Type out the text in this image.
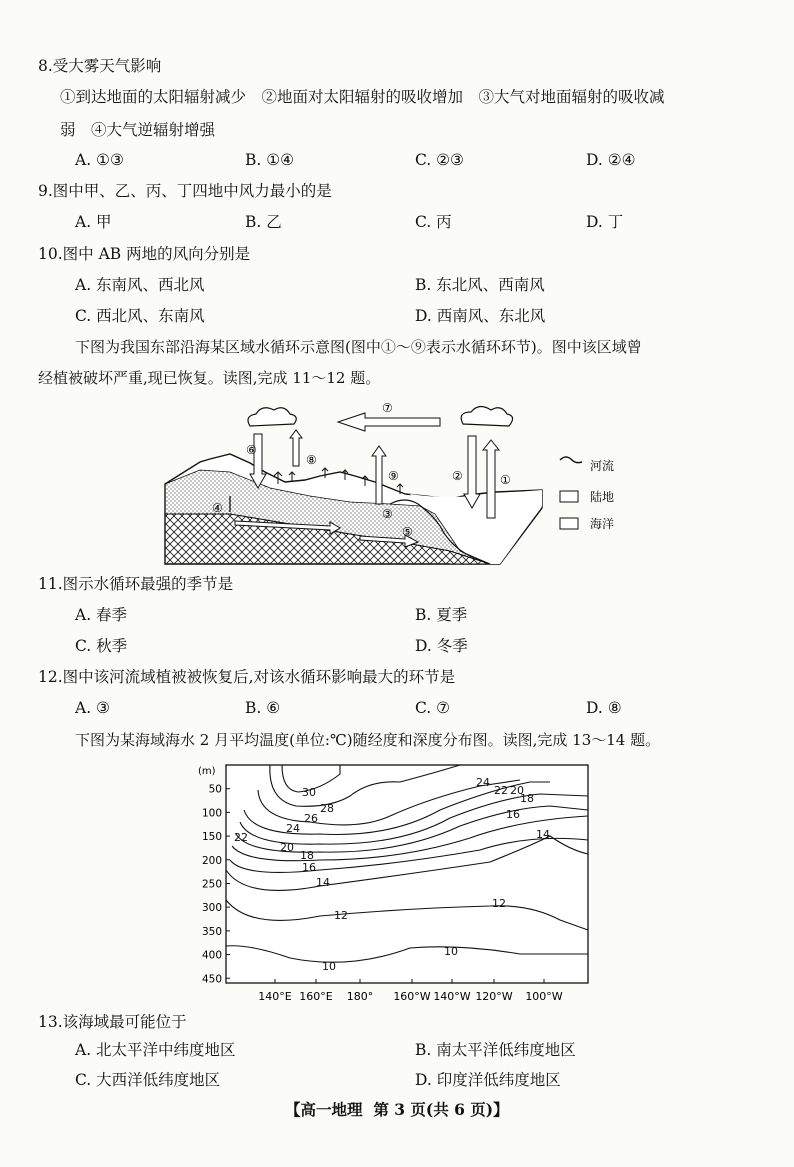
8.受大雾天气影响
①到达地面的太阳辐射减少　②地面对太阳辐射的吸收增加　③大气对地面辐射的吸收减
弱　④大气逆辐射增强
A. ①③	B. ①④	C. ②③	D. ②④
9.图中甲、乙、丙、丁四地中风力最小的是
A. 甲	B. 乙	C. 丙	D. 丁
10.图中 AB 两地的风向分别是
A. 东南风、西北风	B. 东北风、西南风
C. 西北风、东南风	D. 西南风、东北风
下图为我国东部沿海某区域水循环示意图(图中①～⑨表示水循环环节)。图中该区域曾
经植被破坏严重,现已恢复。读图,完成 11～12 题。
⑥
⑧
⑦
⑨	②	①
③
④
⑤
河流
陆地
海洋
11.图示水循环最强的季节是
A. 春季	B. 夏季
C. 秋季	D. 冬季
12.图中该河流域植被被恢复后,对该水循环影响最大的环节是
A. ③	B. ⑥	C. ⑦	D. ⑧
下图为某海域海水 2 月平均温度(单位:℃)随经度和深度分布图。读图,完成 13～14 题。
(m)
50
100
150
200
250
300
350
400
450
140°E 160°E 180° 160°W 140°W 120°W 100°W
30
28
26
24
22
20
18
16
14
12
10
24
22 20
18
16
14
12
10
13.该海域最可能位于
A. 北太平洋中纬度地区	B. 南太平洋低纬度地区
C. 大西洋低纬度地区	D. 印度洋低纬度地区
【高一地理 第 3 页(共 6 页)】
